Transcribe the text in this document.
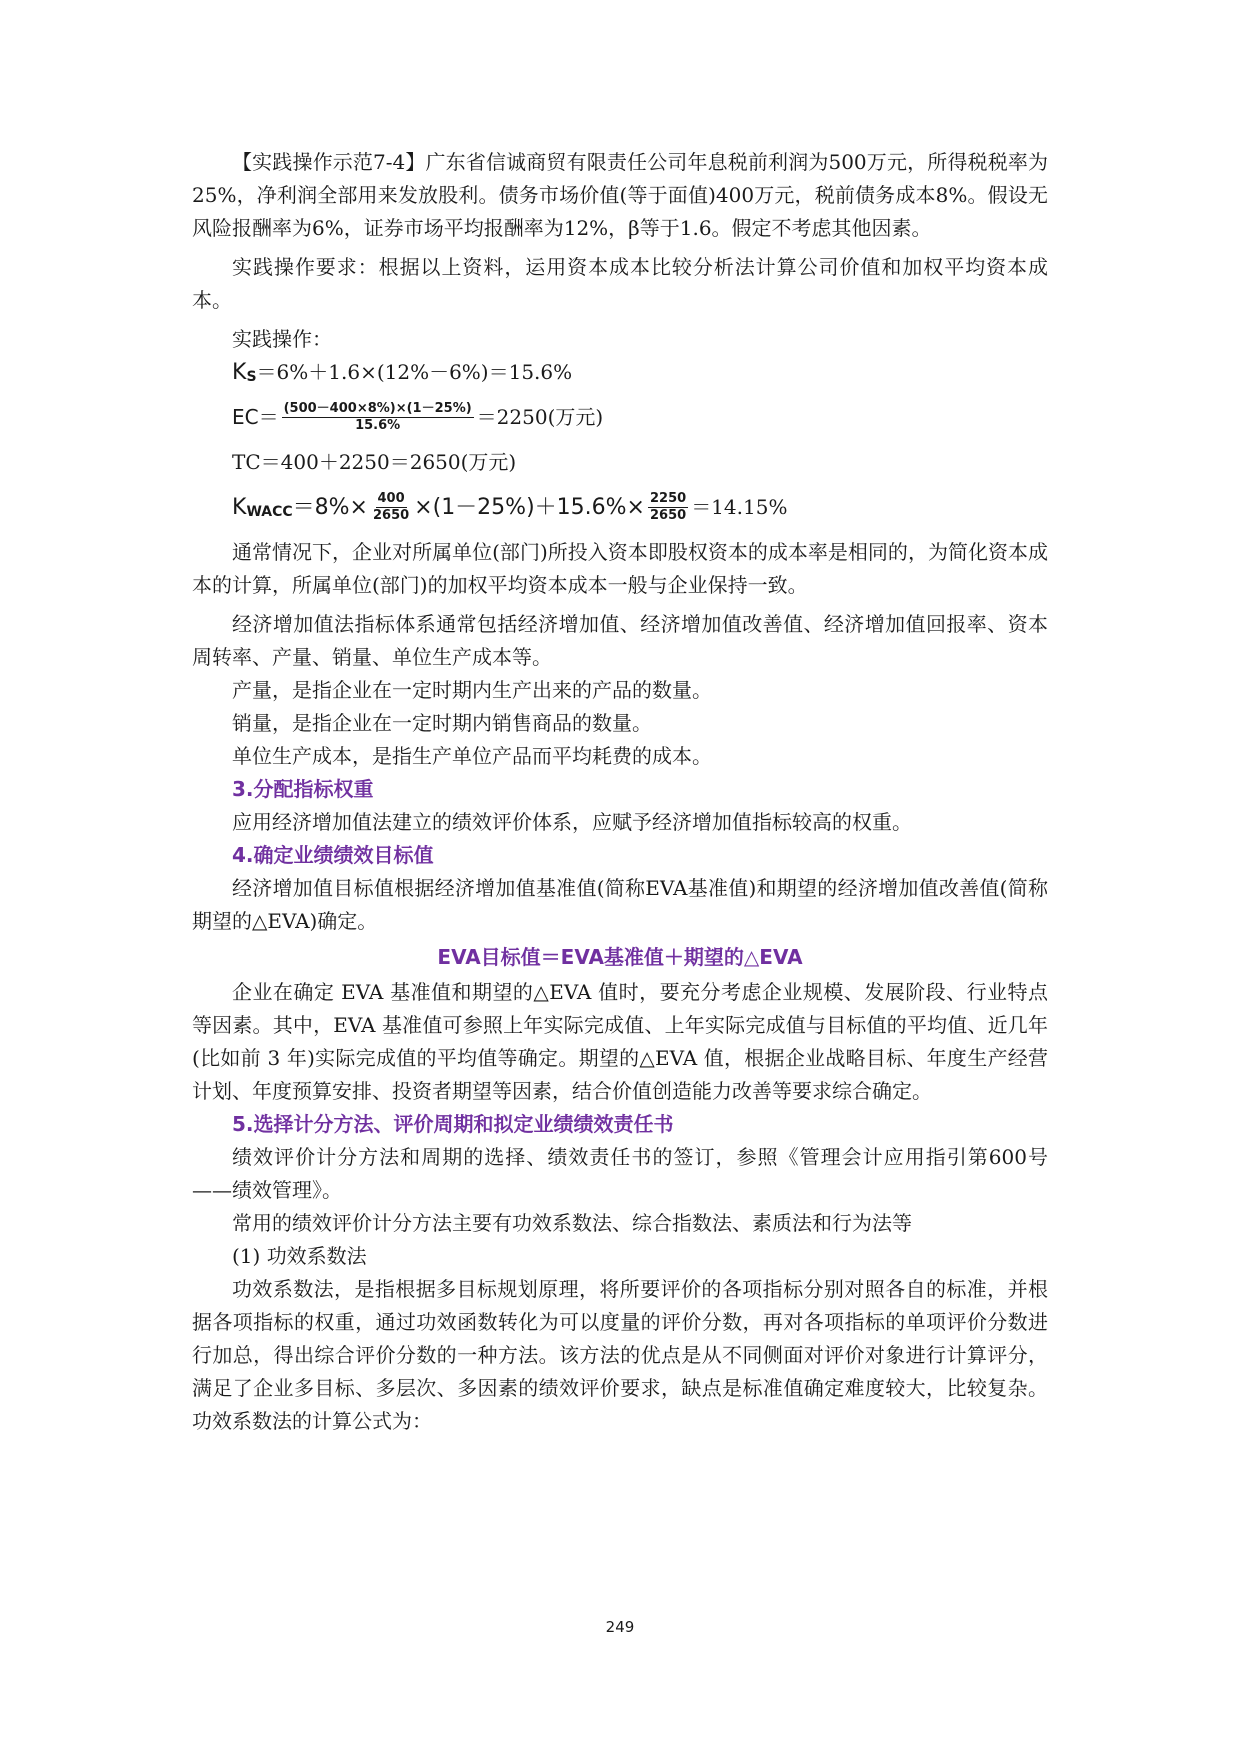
【实践操作示范7-4】广东省信诚商贸有限责任公司年息税前利润为500万元，所得税税率为25%，净利润全部用来发放股利。债务市场价值(等于面值)400万元，税前债务成本8%。假设无风险报酬率为6%，证券市场平均报酬率为12%，β等于1.6。假定不考虑其他因素。

实践操作要求：根据以上资料，运用资本成本比较分析法计算公司价值和加权平均资本成本。

实践操作：

K S ＝6%＋1.6×(12%－6%)＝15.6%
$EC= \frac{(500-400\times 8\%)\times(1-25\%)}{15.6\%} =2250$(万元)
TC＝400＋2250＝2650(万元)
K WACC $=8\%\times \frac{400}{2650} \times(1-25\%)+15.6\%\times \frac{2250}{2650} =14.15\%$

通常情况下，企业对所属单位(部门)所投入资本即股权资本的成本率是相同的，为简化资本成本的计算，所属单位(部门)的加权平均资本成本一般与企业保持一致。

经济增加值法指标体系通常包括经济增加值、经济增加值改善值、经济增加值回报率、资本周转率、产量、销量、单位生产成本等。

产量，是指企业在一定时期内生产出来的产品的数量。

销量，是指企业在一定时期内销售商品的数量。

单位生产成本，是指生产单位产品而平均耗费的成本。

3.分配指标权重

应用经济增加值法建立的绩效评价体系，应赋予经济增加值指标较高的权重。

4.确定业绩绩效目标值

经济增加值目标值根据经济增加值基准值(简称EVA基准值)和期望的经济增加值改善值(简称期望的△EVA)确定。

EVA目标值＝EVA基准值＋期望的△EVA

企业在确定 EVA 基准值和期望的△EVA 值时，要充分考虑企业规模、发展阶段、行业特点等因素。其中，EVA 基准值可参照上年实际完成值、上年实际完成值与目标值的平均值、近几年(比如前 3 年)实际完成值的平均值等确定。期望的△EVA 值，根据企业战略目标、年度生产经营计划、年度预算安排、投资者期望等因素，结合价值创造能力改善等要求综合确定。

5.选择计分方法、评价周期和拟定业绩绩效责任书

绩效评价计分方法和周期的选择、绩效责任书的签订，参照《管理会计应用指引第600号——绩效管理》。

常用的绩效评价计分方法主要有功效系数法、综合指数法、素质法和行为法等

(1) 功效系数法

功效系数法，是指根据多目标规划原理，将所要评价的各项指标分别对照各自的标准，并根据各项指标的权重，通过功效函数转化为可以度量的评价分数，再对各项指标的单项评价分数进行加总，得出综合评价分数的一种方法。该方法的优点是从不同侧面对评价对象进行计算评分，满足了企业多目标、多层次、多因素的绩效评价要求，缺点是标准值确定难度较大，比较复杂。功效系数法的计算公式为：

249
